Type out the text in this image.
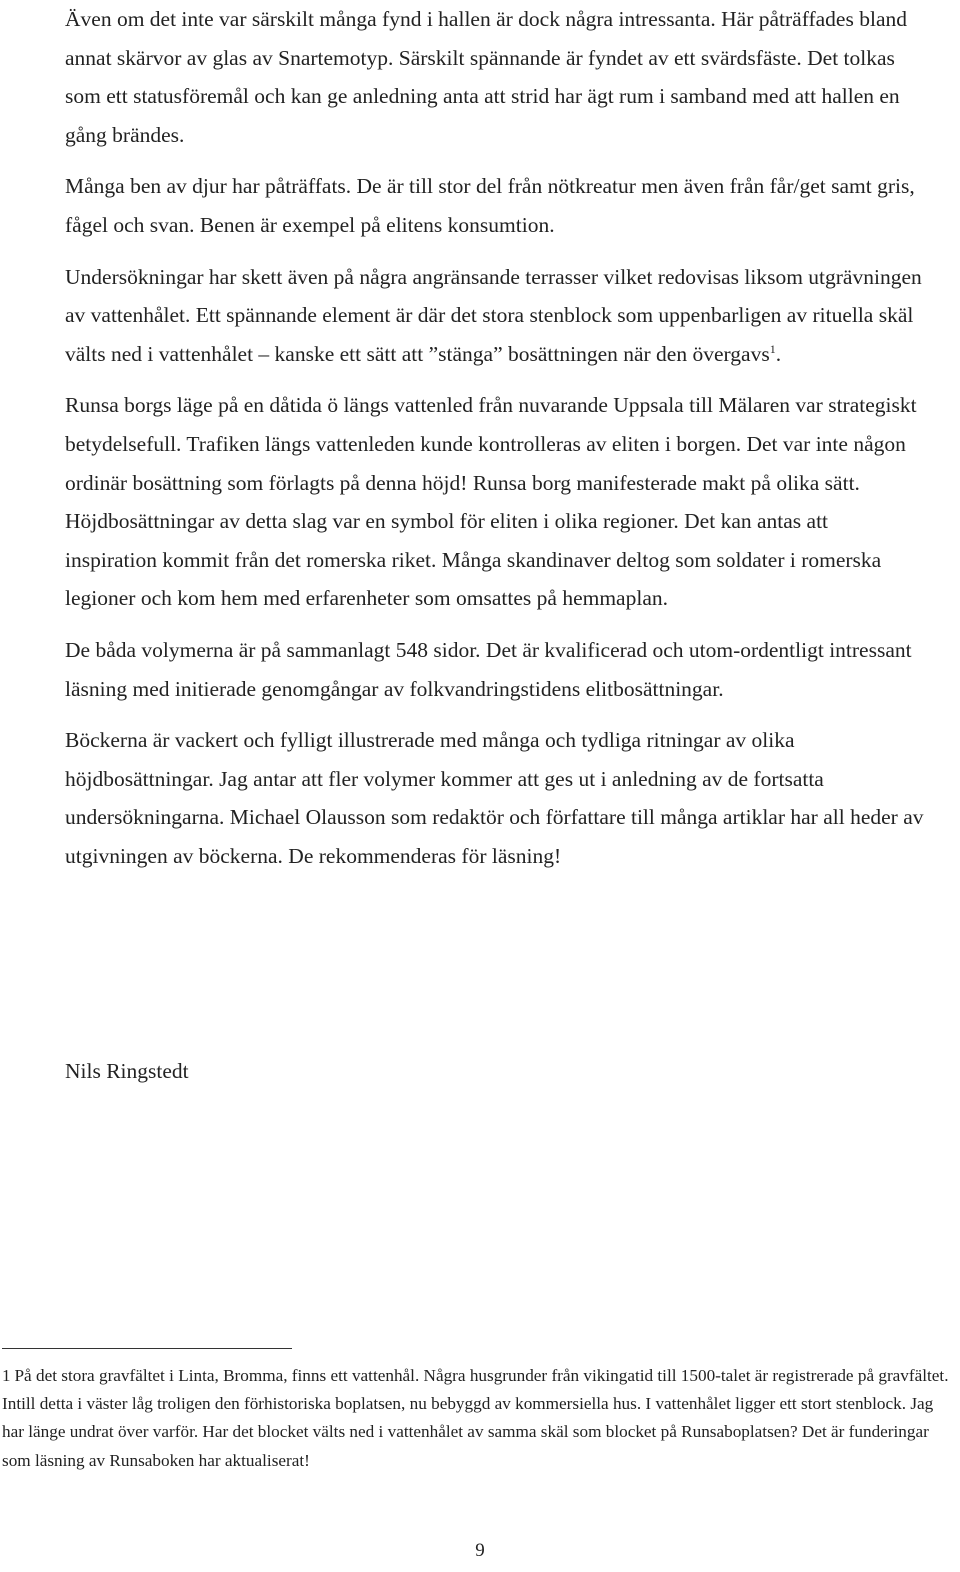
Även om det inte var särskilt många fynd i hallen är dock några intressanta. Här påträffades bland annat skärvor av glas av Snartemotyp. Särskilt spännande är fyndet av ett svärdsfäste. Det tolkas som ett statusföremål och kan ge anledning anta att strid har ägt rum i samband med att hallen en gång brändes.

Många ben av djur har påträffats. De är till stor del från nötkreatur men även från får/get samt gris, fågel och svan. Benen är exempel på elitens konsumtion.

Undersökningar har skett även på några angränsande terrasser vilket redovisas liksom utgrävningen av vattenhålet. Ett spännande element är där det stora stenblock som uppenbarligen av rituella skäl välts ned i vattenhålet – kanske ett sätt att ”stänga” bosättningen när den övergavs$^1$.

Runsa borgs läge på en dåtida ö längs vattenled från nuvarande Uppsala till Mälaren var strategiskt betydelsefull. Trafiken längs vattenleden kunde kontrolleras av eliten i borgen. Det var inte någon ordinär bosättning som förlagts på denna höjd! Runsa borg manifesterade makt på olika sätt. Höjdbosättningar av detta slag var en symbol för eliten i olika regioner. Det kan antas att inspiration kommit från det romerska riket. Många skandinaver deltog som soldater i romerska legioner och kom hem med erfarenheter som omsattes på hemmaplan.

De båda volymerna är på sammanlagt 548 sidor. Det är kvalificerad och utom-ordentligt intressant läsning med initierade genomgångar av folkvandringstidens elitbosättningar.

Böckerna är vackert och fylligt illustrerade med många och tydliga ritningar av olika höjdbosättningar. Jag antar att fler volymer kommer att ges ut i anledning av de fortsatta undersökningarna. Michael Olausson som redaktör och författare till många artiklar har all heder av utgivningen av böckerna. De rekommenderas för läsning!

Nils Ringstedt
1 På det stora gravfältet i Linta, Bromma, finns ett vattenhål. Några husgrunder från vikingatid till 1500-talet är registrerade på gravfältet. Intill detta i väster låg troligen den förhistoriska boplatsen, nu bebyggd av kommersiella hus. I vattenhålet ligger ett stort stenblock. Jag har länge undrat över varför. Har det blocket välts ned i vattenhålet av samma skäl som blocket på Runsaboplatsen? Det är funderingar som läsning av Runsaboken har aktualiserat!
9
